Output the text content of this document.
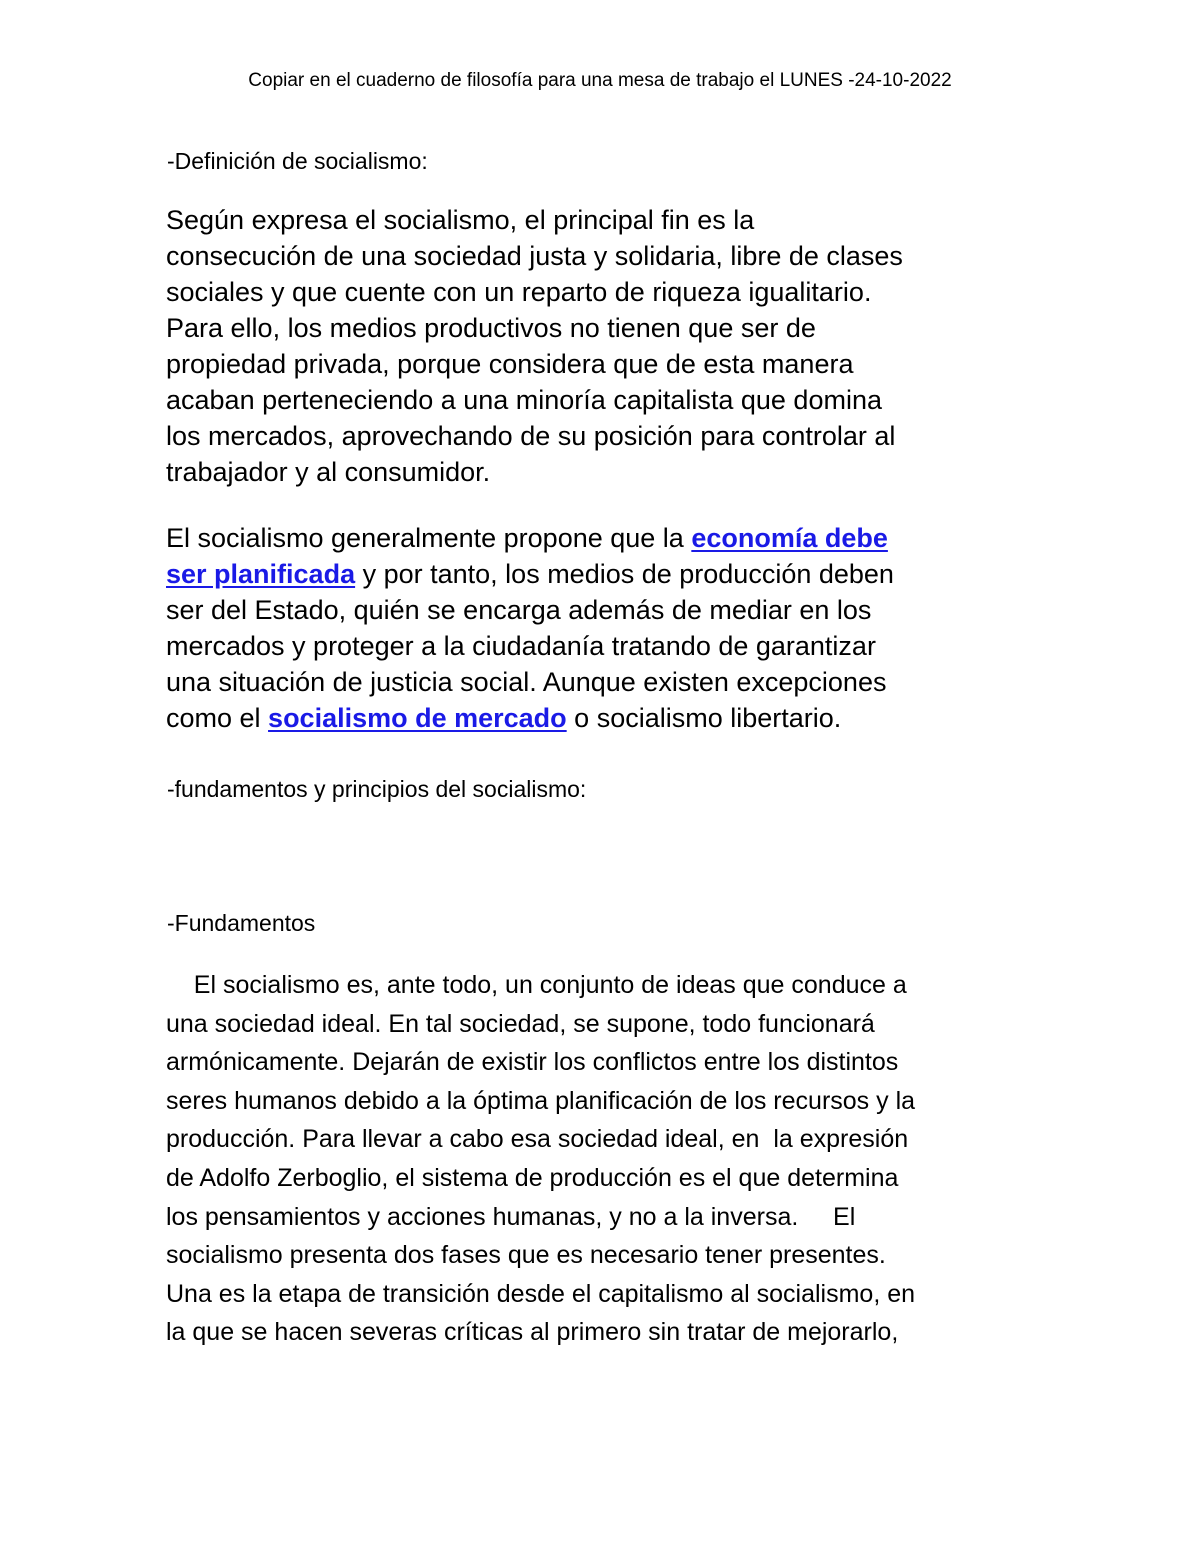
Copiar en el cuaderno de filosofía para una mesa de trabajo el LUNES -24-10-2022

-Definición de socialismo:

Según expresa el socialismo, el principal fin es la
consecución de una sociedad justa y solidaria, libre de clases
sociales y que cuente con un reparto de riqueza igualitario.
Para ello, los medios productivos no tienen que ser de
propiedad privada, porque considera que de esta manera
acaban perteneciendo a una minoría capitalista que domina
los mercados, aprovechando de su posición para controlar al
trabajador y al consumidor.
El socialismo generalmente propone que la economía debe
ser planificada y por tanto, los medios de producción deben
ser del Estado, quién se encarga además de mediar en los
mercados y proteger a la ciudadanía tratando de garantizar
una situación de justicia social. Aunque existen excepciones
como el socialismo de mercado o socialismo libertario.

-fundamentos y principios del socialismo:

-Fundamentos

El socialismo es, ante todo, un conjunto de ideas que conduce a
una sociedad ideal. En tal sociedad, se supone, todo funcionará
armónicamente. Dejarán de existir los conflictos entre los distintos
seres humanos debido a la óptima planificación de los recursos y la
producción. Para llevar a cabo esa sociedad ideal, en  la expresión
de Adolfo Zerboglio, el sistema de producción es el que determina
los pensamientos y acciones humanas, y no a la inversa.     El
socialismo presenta dos fases que es necesario tener presentes.
Una es la etapa de transición desde el capitalismo al socialismo, en
la que se hacen severas críticas al primero sin tratar de mejorarlo,
